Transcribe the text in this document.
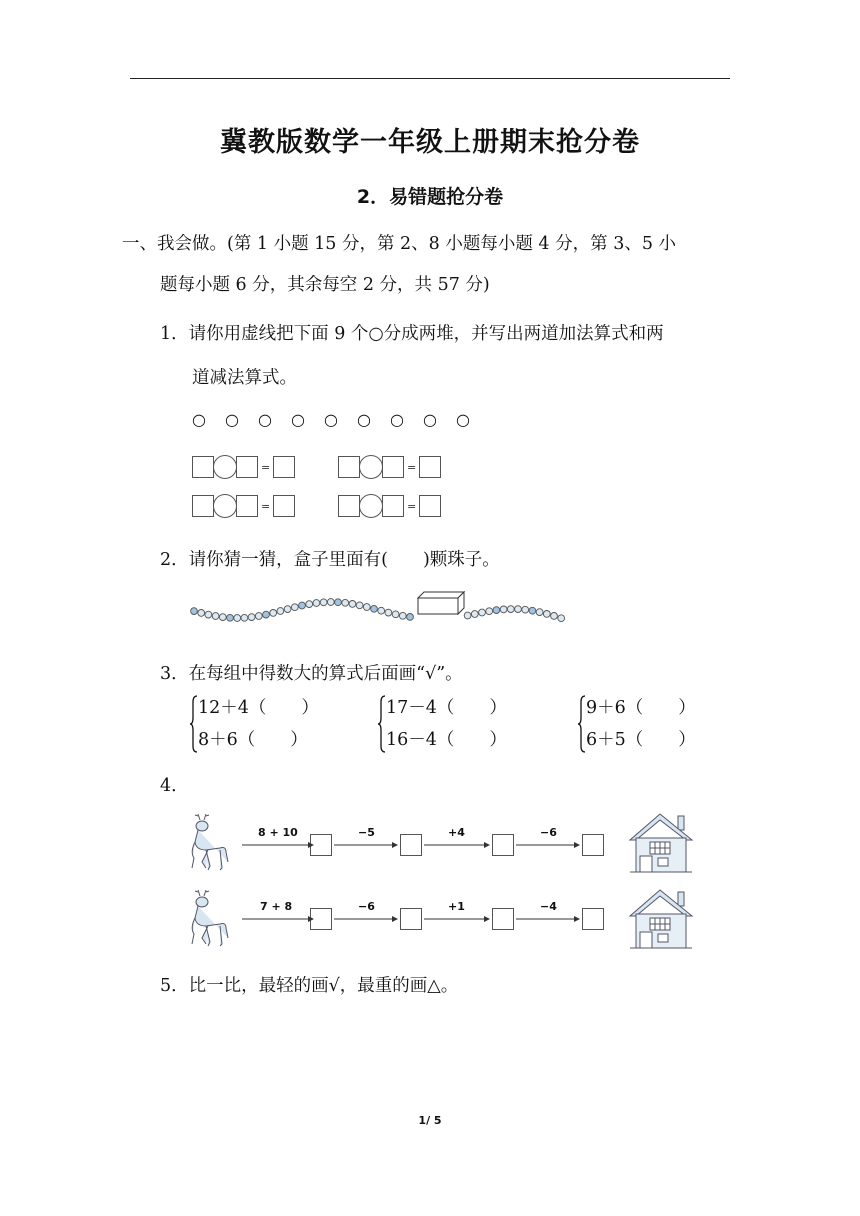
冀教版数学一年级上册期末抢分卷
2．易错题抢分卷
一、我会做。(第 1 小题 15 分，第 2、8 小题每小题 4 分，第 3、5 小
题每小题 6 分，其余每空 2 分，共 57 分)
1．请你用虚线把下面 9 个○分成两堆，并写出两道加法算式和两
道减法算式。
○ ○ ○ ○ ○ ○ ○ ○ ○
=	=
=	=
2．请你猜一猜，盒子里面有(　　)颗珠子。
3．在每组中得数大的算式后面画“√”。
12＋4（　　）
8＋6（　　）
17－4（　　）
16－4（　　）
9＋6（　　）
6＋5（　　）
4．
8 + 10	−5	+4	−6
7 + 8	−6	+1	−4
5．比一比，最轻的画√，最重的画△。
1/ 5
